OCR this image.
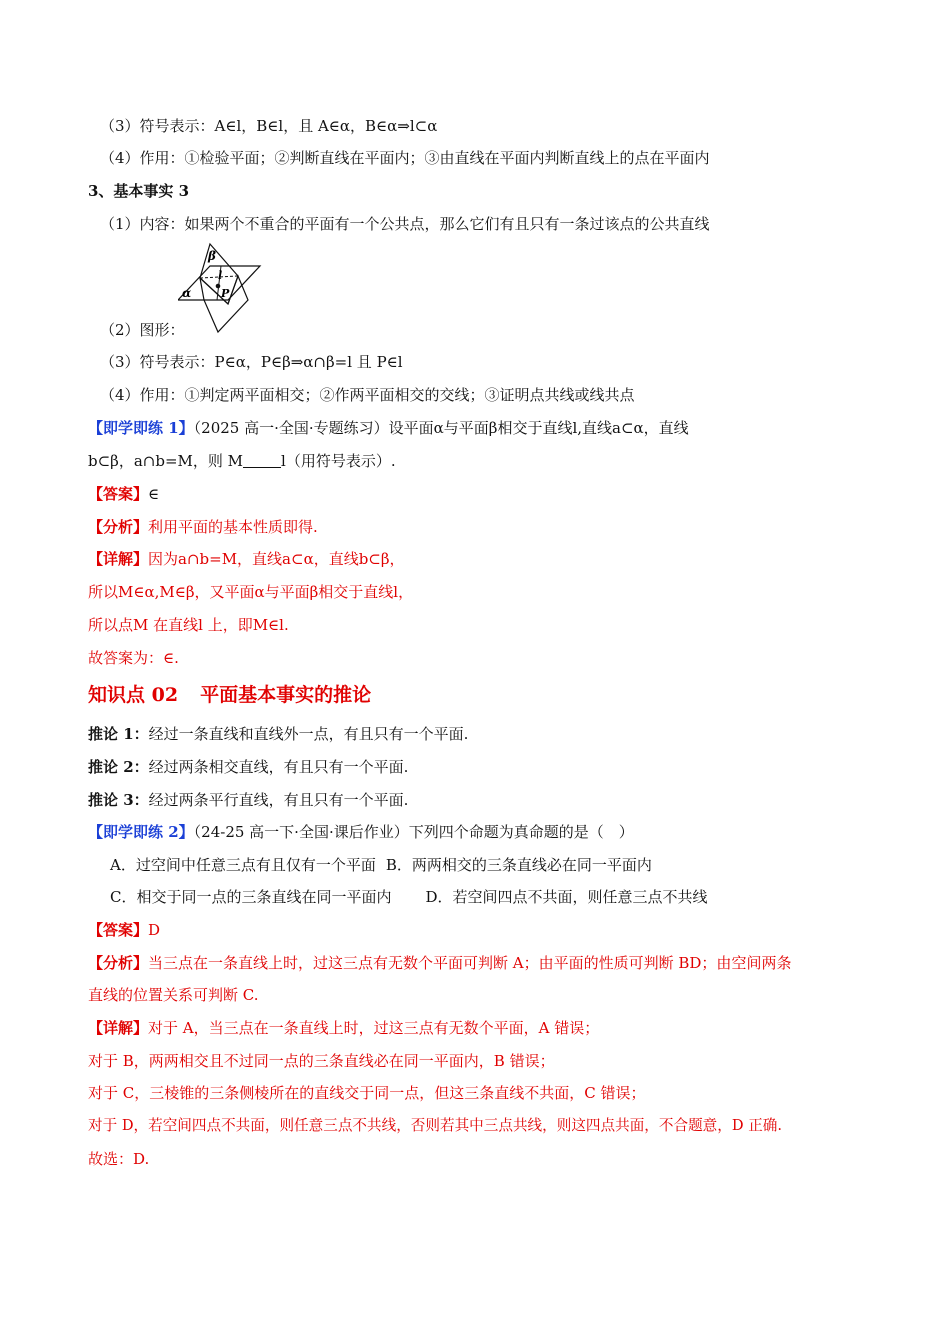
（3）符号表示：A∈l，B∈l，且 A∈α，B∈α⇒l⊂α
（4）作用：①检验平面；②判断直线在平面内；③由直线在平面内判断直线上的点在平面内
3、基本事实 3
（1）内容：如果两个不重合的平面有一个公共点，那么它们有且只有一条过该点的公共直线
β
l
α	P
（2）图形：
（3）符号表示：P∈α，P∈β⇒α∩β=l 且 P∈l
（4）作用：①判定两平面相交；②作两平面相交的交线；③证明点共线或线共点
【即学即练 1】（2025 高一·全国·专题练习）设平面α与平面β相交于直线l,直线a⊂α，直线
b⊂β，a∩b=M，则 M	l（用符号表示）.
【答案】∈
【分析】利用平面的基本性质即得.
【详解】因为a∩b=M，直线a⊂α，直线b⊂β，
所以M∈α,M∈β，又平面α与平面β相交于直线l，
所以点M 在直线l 上，即M∈l.
故答案为：∈.
知识点 02 平面基本事实的推论
推论 1：经过一条直线和直线外一点，有且只有一个平面.
推论 2：经过两条相交直线，有且只有一个平面.
推论 3：经过两条平行直线，有且只有一个平面.
【即学即练 2】（24-25 高一下·全国·课后作业）下列四个命题为真命题的是（　）
A．过空间中任意三点有且仅有一个平面 B．两两相交的三条直线必在同一平面内
C．相交于同一点的三条直线在同一平面内 D．若空间四点不共面，则任意三点不共线
【答案】D
【分析】当三点在一条直线上时，过这三点有无数个平面可判断 A；由平面的性质可判断 BD；由空间两条
直线的位置关系可判断 C.
【详解】对于 A，当三点在一条直线上时，过这三点有无数个平面，A 错误；
对于 B，两两相交且不过同一点的三条直线必在同一平面内，B 错误；
对于 C，三棱锥的三条侧棱所在的直线交于同一点，但这三条直线不共面，C 错误；
对于 D，若空间四点不共面，则任意三点不共线，否则若其中三点共线，则这四点共面，不合题意，D 正确.
故选：D.
